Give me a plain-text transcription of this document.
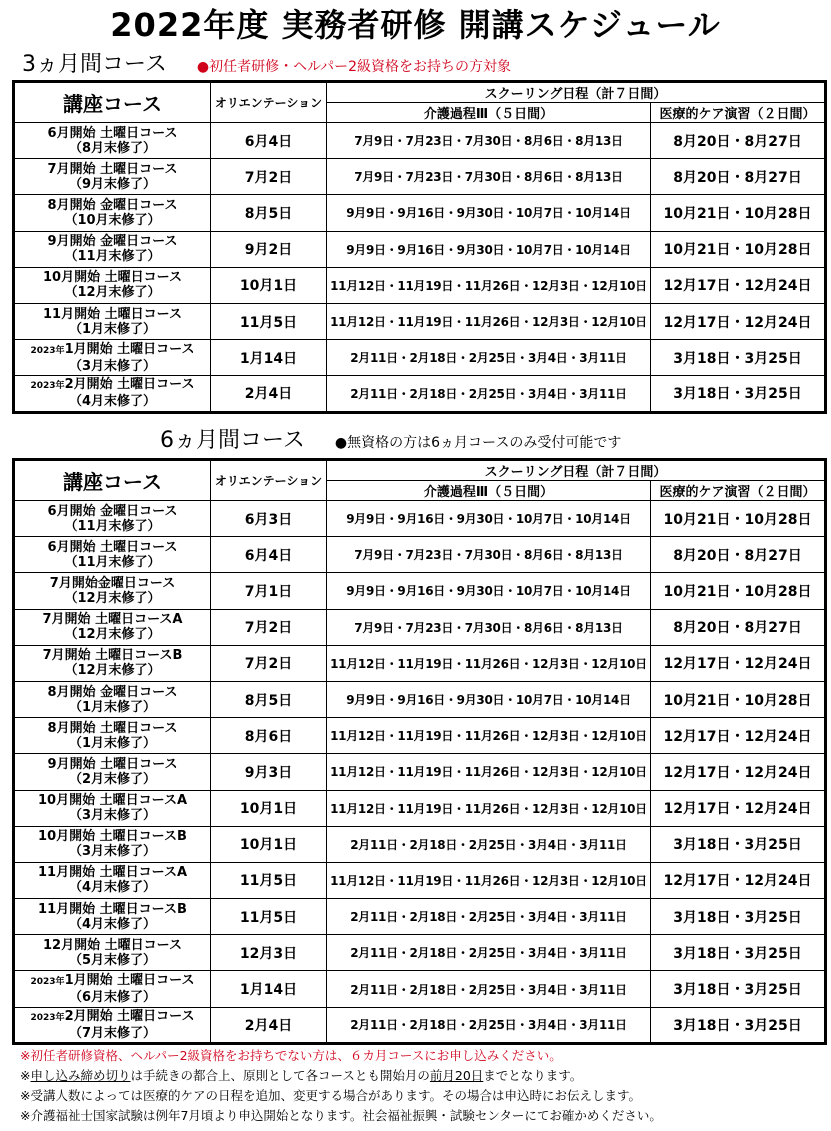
2022年度 実務者研修 開講スケジュール
3ヵ月間コース ●初任者研修・ヘルパー2級資格をお持ちの方対象
講座コース	オリエンテーション	スクーリング日程（計７日間）	
		介護過程Ⅲ（５日間）	医療的ケア演習（２日間）
6月開始 土曜日コース
（8月末修了）	6月4日	7月9日・7月23日・7月30日・8月6日・8月13日	8月20日・8月27日
7月開始 土曜日コース
（9月末修了）	7月2日	7月9日・7月23日・7月30日・8月6日・8月13日	8月20日・8月27日
8月開始 金曜日コース
（10月末修了）	8月5日	9月9日・9月16日・9月30日・10月7日・10月14日	10月21日・10月28日
9月開始 金曜日コース
（11月末修了）	9月2日	9月9日・9月16日・9月30日・10月7日・10月14日	10月21日・10月28日
10月開始 土曜日コース
（12月末修了）	10月1日	11月12日・11月19日・11月26日・12月3日・12月10日	12月17日・12月24日
11月開始 土曜日コース
（1月末修了）	11月5日	11月12日・11月19日・11月26日・12月3日・12月10日	12月17日・12月24日
2023年1月開始 土曜日コース
（3月末修了）	1月14日	2月11日・2月18日・2月25日・3月4日・3月11日	3月18日・3月25日
2023年2月開始 土曜日コース
（4月末修了）	2月4日	2月11日・2月18日・2月25日・3月4日・3月11日	3月18日・3月25日
6ヵ月間コース ●無資格の方は6ヵ月コースのみ受付可能です
講座コース	オリエンテーション	スクーリング日程（計７日間）	
		介護過程Ⅲ（５日間）	医療的ケア演習（２日間）
6月開始 金曜日コース
（11月末修了）	6月3日	9月9日・9月16日・9月30日・10月7日・10月14日	10月21日・10月28日
6月開始 土曜日コース
（11月末修了）	6月4日	7月9日・7月23日・7月30日・8月6日・8月13日	8月20日・8月27日
7月開始金曜日コース
（12月末修了）	7月1日	9月9日・9月16日・9月30日・10月7日・10月14日	10月21日・10月28日
7月開始 土曜日コースA
（12月末修了）	7月2日	7月9日・7月23日・7月30日・8月6日・8月13日	8月20日・8月27日
7月開始 土曜日コースB
（12月末修了）	7月2日	11月12日・11月19日・11月26日・12月3日・12月10日	12月17日・12月24日
8月開始 金曜日コース
（1月末修了）	8月5日	9月9日・9月16日・9月30日・10月7日・10月14日	10月21日・10月28日
8月開始 土曜日コース
（1月末修了）	8月6日	11月12日・11月19日・11月26日・12月3日・12月10日	12月17日・12月24日
9月開始 土曜日コース
（2月末修了）	9月3日	11月12日・11月19日・11月26日・12月3日・12月10日	12月17日・12月24日
10月開始 土曜日コースA
（3月末修了）	10月1日	11月12日・11月19日・11月26日・12月3日・12月10日	12月17日・12月24日
10月開始 土曜日コースB
（3月末修了）	10月1日	2月11日・2月18日・2月25日・3月4日・3月11日	3月18日・3月25日
11月開始 土曜日コースA
（4月末修了）	11月5日	11月12日・11月19日・11月26日・12月3日・12月10日	12月17日・12月24日
11月開始 土曜日コースB
（4月末修了）	11月5日	2月11日・2月18日・2月25日・3月4日・3月11日	3月18日・3月25日
12月開始 土曜日コース
（5月末修了）	12月3日	2月11日・2月18日・2月25日・3月4日・3月11日	3月18日・3月25日
2023年1月開始 土曜日コース
（6月末修了）	1月14日	2月11日・2月18日・2月25日・3月4日・3月11日	3月18日・3月25日
2023年2月開始 土曜日コース
（7月末修了）	2月4日	2月11日・2月18日・2月25日・3月4日・3月11日	3月18日・3月25日

※初任者研修資格、ヘルパー2級資格をお持ちでない方は、６カ月コースにお申し込みください。

※申し込み締め切りは手続きの都合上、原則として各コースとも開始月の前月20日までとなります。

※受講人数によっては医療的ケアの日程を追加、変更する場合があります。その場合は申込時にお伝えします。

※介護福祉士国家試験は例年7月頃より申込開始となります。社会福祉振興・試験センターにてお確かめください。
